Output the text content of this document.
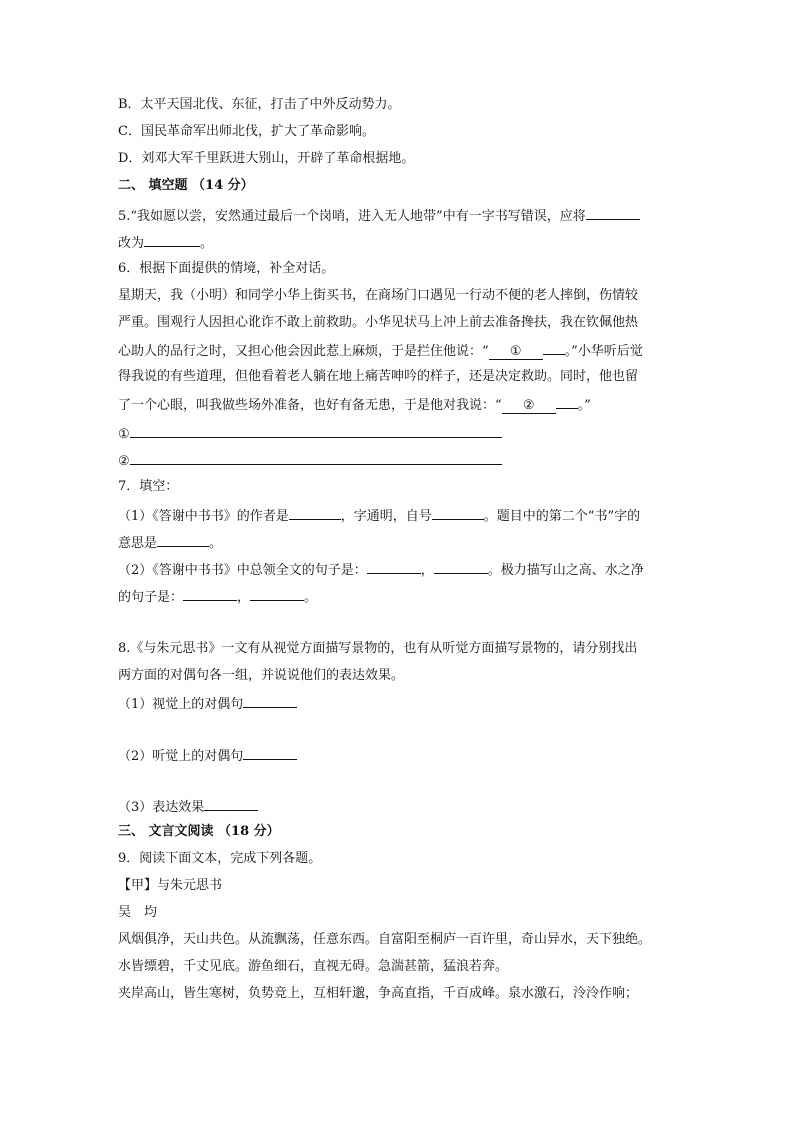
B．太平天国北伐、东征，打击了中外反动势力。
C．国民革命军出师北伐，扩大了革命影响。
D．刘邓大军千里跃进大别山，开辟了革命根据地。
二、 填空题 （14 分）
5.“我如愿以尝，安然通过最后一个岗哨，进入无人地带”中有一字书写错误，应将
改为	。
6．根据下面提供的情境，补全对话。
星期天，我（小明）和同学小华上街买书，在商场门口遇见一行动不便的老人摔倒，伤情较
严重。围观行人因担心讹诈不敢上前救助。小华见状马上冲上前去准备搀扶，我在钦佩他热
心助人的品行之时，又担心他会因此惹上麻烦，于是拦住他说：“ ①	。”小华听后觉
得我说的有些道理，但他看着老人躺在地上痛苦呻吟的样子，还是决定救助。同时，他也留
了一个心眼，叫我做些场外准备，也好有备无患，于是他对我说：“ ②	。”
①
②
7．填空：
（1）《答谢中书书》的作者是	，字通明，自号	。题目中的第二个“书”字的
意思是	。
（2）《答谢中书书》中总领全文的句子是：	，	。极力描写山之高、水之净
的句子是：	，	。
8.《与朱元思书》一文有从视觉方面描写景物的，也有从听觉方面描写景物的，请分别找出
两方面的对偶句各一组，并说说他们的表达效果。
（1）视觉上的对偶句
（2）听觉上的对偶句
（3）表达效果
三、 文言文阅读 （18 分）
9．阅读下面文本，完成下列各题。
【甲】与朱元思书
吴　均
风烟俱净，天山共色。从流飘荡，任意东西。自富阳至桐庐一百许里，奇山异水，天下独绝。
水皆缥碧，千丈见底。游鱼细石，直视无碍。急湍甚箭，猛浪若奔。
夹岸高山，皆生寒树，负势竞上，互相轩邈，争高直指，千百成峰。泉水激石，泠泠作响；
